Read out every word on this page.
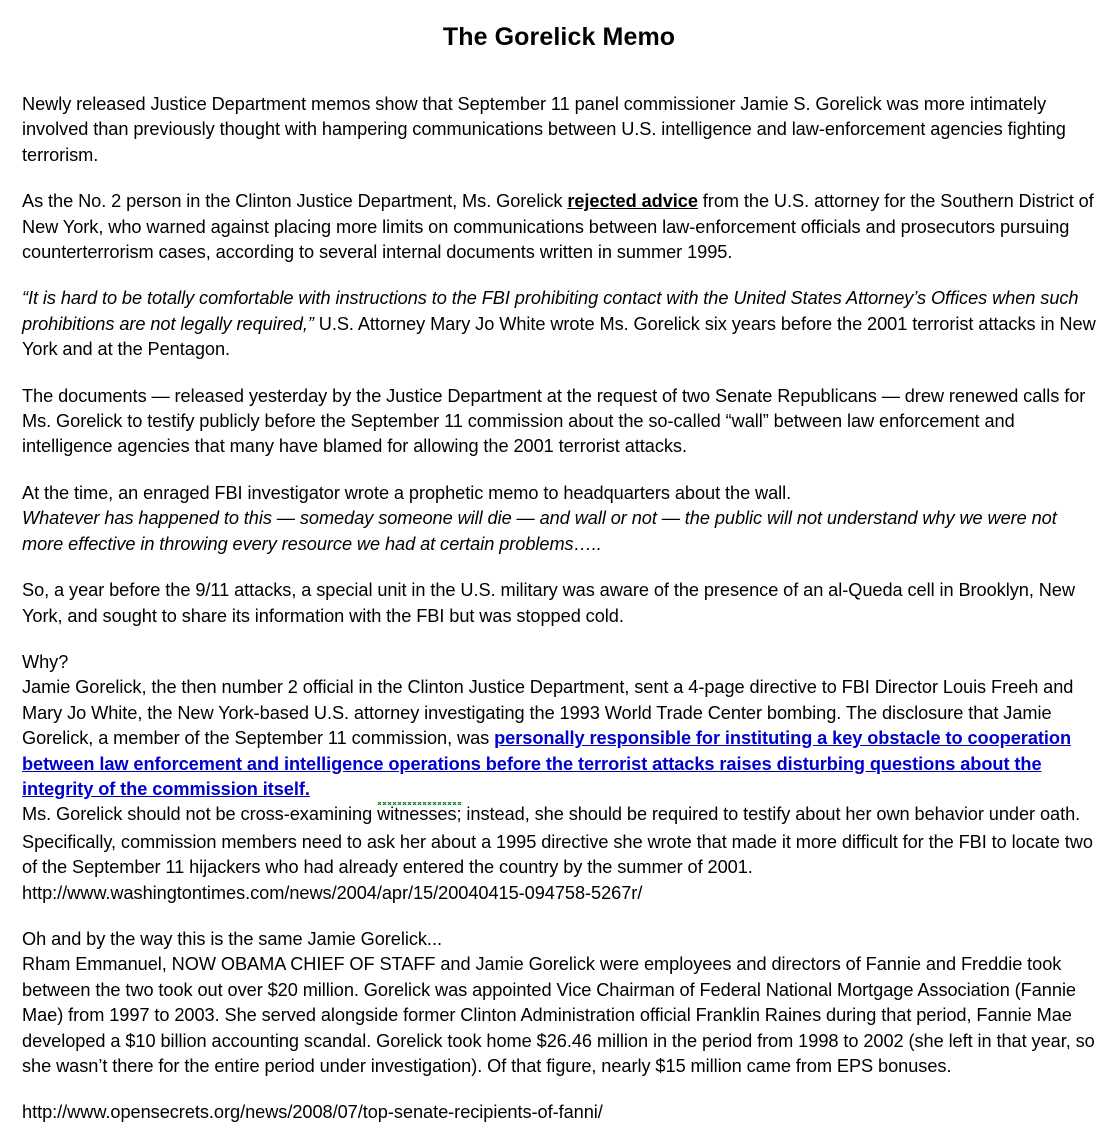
The Gorelick Memo

Newly released Justice Department memos show that September 11 panel commissioner Jamie S. Gorelick was more intimately involved than previously thought with hampering communications between U.S. intelligence and law-enforcement agencies fighting terrorism.

As the No. 2 person in the Clinton Justice Department, Ms. Gorelick rejected advice from the U.S. attorney for the Southern District of New York, who warned against placing more limits on communications between law-enforcement officials and prosecutors pursuing counterterrorism cases, according to several internal documents written in summer 1995.

“It is hard to be totally comfortable with instructions to the FBI prohibiting contact with the United States Attorney’s Offices when such prohibitions are not legally required,” U.S. Attorney Mary Jo White wrote Ms. Gorelick six years before the 2001 terrorist attacks in New York and at the Pentagon.

The documents — released yesterday by the Justice Department at the request of two Senate Republicans — drew renewed calls for Ms. Gorelick to testify publicly before the September 11 commission about the so-called “wall” between law enforcement and intelligence agencies that many have blamed for allowing the 2001 terrorist attacks.

At the time, an enraged FBI investigator wrote a prophetic memo to headquarters about the wall.

Whatever has happened to this — someday someone will die — and wall or not — the public will not understand why we were not more effective in throwing every resource we had at certain problems…..

So, a year before the 9/11 attacks, a special unit in the U.S. military was aware of the presence of an al-Queda cell in Brooklyn, New York, and sought to share its information with the FBI but was stopped cold.

Why?

Jamie Gorelick, the then number 2 official in the Clinton Justice Department, sent a 4-page directive to FBI Director Louis Freeh and Mary Jo White, the New York-based U.S. attorney investigating the 1993 World Trade Center bombing. The disclosure that Jamie Gorelick, a member of the September 11 commission, was personally responsible for instituting a key obstacle to cooperation between law enforcement and intelligence operations before the terrorist attacks raises disturbing questions about the integrity of the commission itself.

Ms. Gorelick should not be cross-examining witnesses; instead, she should be required to testify about her own behavior under oath. Specifically, commission members need to ask her about a 1995 directive she wrote that made it more difficult for the FBI to locate two of the September 11 hijackers who had already entered the country by the summer of 2001.

http://www.washingtontimes.com/news/2004/apr/15/20040415-094758-5267r/

Oh and by the way this is the same Jamie Gorelick...

Rham Emmanuel, NOW OBAMA CHIEF OF STAFF and Jamie Gorelick were employees and directors of Fannie and Freddie took between the two took out over $20 million. Gorelick was appointed Vice Chairman of Federal National Mortgage Association (Fannie Mae) from 1997 to 2003. She served alongside former Clinton Administration official Franklin Raines during that period, Fannie Mae developed a $10 billion accounting scandal. Gorelick took home $26.46 million in the period from 1998 to 2002 (she left in that year, so she wasn’t there for the entire period under investigation). Of that figure, nearly $15 million came from EPS bonuses.

http://www.opensecrets.org/news/2008/07/top-senate-recipients-of-fanni/
